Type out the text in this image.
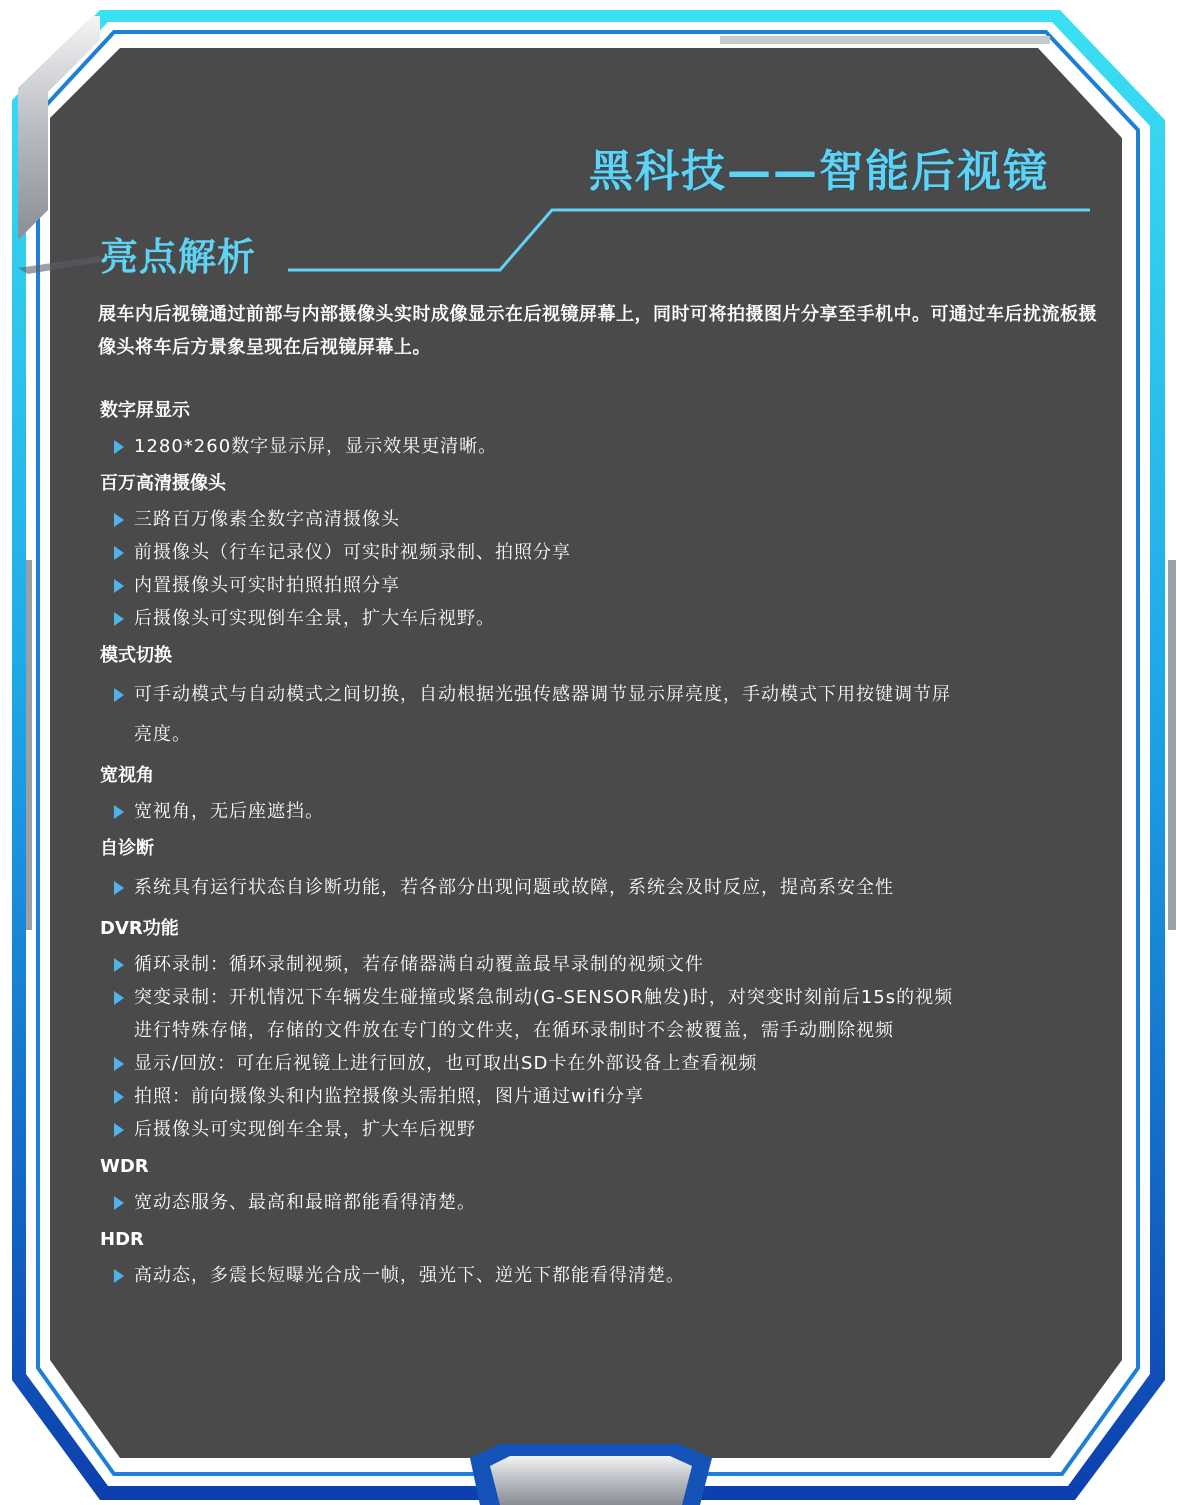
黑科技——智能后视镜
亮点解析
展车内后视镜通过前部与内部摄像头实时成像显示在后视镜屏幕上，同时可将拍摄图片分享至手机中。可通过车后扰流板摄像头将车后方景象呈现在后视镜屏幕上。
数字屏显示
1280*260数字显示屏，显示效果更清晰。
百万高清摄像头
三路百万像素全数字高清摄像头
前摄像头（行车记录仪）可实时视频录制、拍照分享
内置摄像头可实时拍照拍照分享
后摄像头可实现倒车全景，扩大车后视野。
模式切换
可手动模式与自动模式之间切换，自动根据光强传感器调节显示屏亮度，手动模式下用按键调节屏亮度。
宽视角
宽视角，无后座遮挡。
自诊断
系统具有运行状态自诊断功能，若各部分出现问题或故障，系统会及时反应，提高系安全性
DVR功能
循环录制：循环录制视频，若存储器满自动覆盖最早录制的视频文件
突变录制：开机情况下车辆发生碰撞或紧急制动(G-SENSOR触发)时，对突变时刻前后15s的视频进行特殊存储，存储的文件放在专门的文件夹，在循环录制时不会被覆盖，需手动删除视频
显示/回放：可在后视镜上进行回放，也可取出SD卡在外部设备上查看视频
拍照：前向摄像头和内监控摄像头需拍照，图片通过wifi分享
后摄像头可实现倒车全景，扩大车后视野
WDR
宽动态服务、最高和最暗都能看得清楚。
HDR
高动态，多震长短曝光合成一帧，强光下、逆光下都能看得清楚。
